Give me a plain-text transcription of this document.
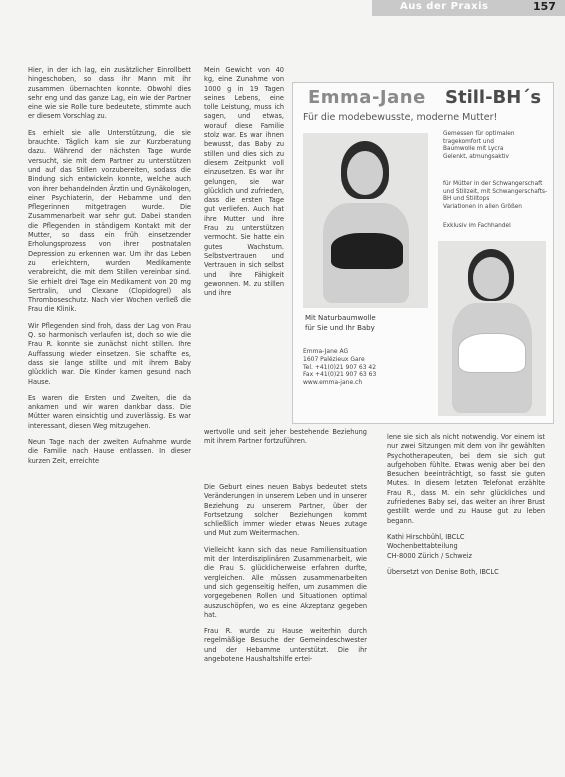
Aus der Praxis	157

Hier, in der ich lag, ein zusätzlicher Einrollbett hingeschoben, so dass ihr Mann mit ihr zusammen übernachten konnte. Obwohl dies sehr eng und das ganze Lag, ein wie der Partner eine wie sie Rolle ture bedeutete, stimmte auch er diesem Vorschlag zu.

Es erhielt sie alle Unterstützung, die sie brauchte. Täglich kam sie zur Kurzberatung dazu. Während der nächsten Tage wurde versucht, sie mit dem Partner zu unterstützen und auf das Stillen vorzubereiten, sodass die Bindung sich entwickeln konnte, welche auch von ihrer behandelnden Ärztin und Gynäkologen, einer Psychiaterin, der Hebamme und den Pflegerinnen mitgetragen wurde. Die Zusammenarbeit war sehr gut. Dabei standen die Pflegenden in ständigem Kontakt mit der Mutter, so dass ein früh einsetzender Erholungsprozess von ihrer postnatalen Depression zu erkennen war. Um ihr das Leben zu erleichtern, wurden Medikamente verabreicht, die mit dem Stillen vereinbar sind. Sie erhielt drei Tage ein Medikament von 20 mg Sertralin, und Clexane (Clopidogrel) als Thromboseschutz. Nach vier Wochen verließ die Frau die Klinik.

Wir Pflegenden sind froh, dass der Lag von Frau Q. so harmonisch verlaufen ist, doch so wie die Frau R. konnte sie zunächst nicht stillen. Ihre Auffassung wieder einsetzen. Sie schaffte es, dass sie lange stillte und mit ihrem Baby glücklich war. Die Kinder kamen gesund nach Hause.

Es waren die Ersten und Zweiten, die da ankamen und wir waren dankbar dass. Die Mütter waren einsichtig und zuverlässig. Es war interessant, diesen Weg mitzugehen.

Neun Tage nach der zweiten Aufnahme wurde die Familie nach Hause entlassen. In dieser kurzen Zeit, erreichte

Mein Gewicht von 40 kg, eine Zunahme von 1000 g in 19 Tagen seines Lebens, eine tolle Leistung, muss ich sagen, und etwas, worauf diese Familie stolz war. Es war ihnen bewusst, das Baby zu stillen und dies sich zu diesem Zeitpunkt voll einzusetzen. Es war ihr gelungen, sie war glücklich und zufrieden, dass die ersten Tage gut verliefen. Auch hat ihre Mutter und ihre Frau zu unterstützen vermocht. Sie hatte ein gutes Wachstum. Selbstvertrauen und Vertrauen in sich selbst und ihre Fähigkeit gewonnen. M. zu stillen und ihre

wertvolle und seit jeher bestehende Beziehung mit ihrem Partner fortzuführen.

Die Geburt eines neuen Babys bedeutet stets Veränderungen in unserem Leben und in unserer Beziehung zu unserem Partner, über der Fortsetzung solcher Beziehungen kommt schließlich immer wieder etwas Neues zutage und Mut zum Weitermachen.

Vielleicht kann sich das neue Familiensituation mit der Interdisziplinären Zusammenarbeit, wie die Frau S. glücklicherweise erfahren durfte, vergleichen. Alle müssen zusammenarbeiten und sich gegenseitig helfen, um zusammen die vorgegebenen Rollen und Situationen optimal auszuschöpfen, wo es eine Akzeptanz gegeben hat.

Frau R. wurde zu Hause weiterhin durch regelmäßige Besuche der Gemeindeschwester und der Hebamme unterstützt. Die ihr angebotene Haushaltshilfe ertei-

lene sie sich als nicht notwendig. Vor einem ist nur zwei Sitzungen mit dem von ihr gewählten Psychotherapeuten, bei dem sie sich gut aufgehoben fühlte. Etwas wenig aber bei den Besuchen beeinträchtigt, so fasst sie guten Mutes. In diesem letzten Telefonat erzählte Frau R., dass M. ein sehr glückliches und zufriedenes Baby sei, das weiter an ihrer Brust gestillt werde und zu Hause gut zu leben begann.

Kathi Hirschbühl, IBCLC
Wochenbettabteilung
CH-8000 Zürich / Schweiz

Übersetzt von Denise Both, IBCLC

Emma-Jane Still-BH´s
Für die modebewusste, moderne Mutter!
Gemessen für optimalen
tragekomfort und
Baumwolle mit Lycra
Gelenkt, atmungsaktiv
für Mütter in der Schwangerschaft
und Stillzeit, mit Schwangerschafts-
BH und Stilltops
Variationen in allen Größen
Exklusiv im Fachhandel
Mit Naturbaumwolle
für Sie und Ihr Baby
Emma-Jane AG
1607 Palézieux Gare
Tel. +41(0)21 907 63 42
Fax +41(0)21 907 63 63
www.emma-jane.ch
